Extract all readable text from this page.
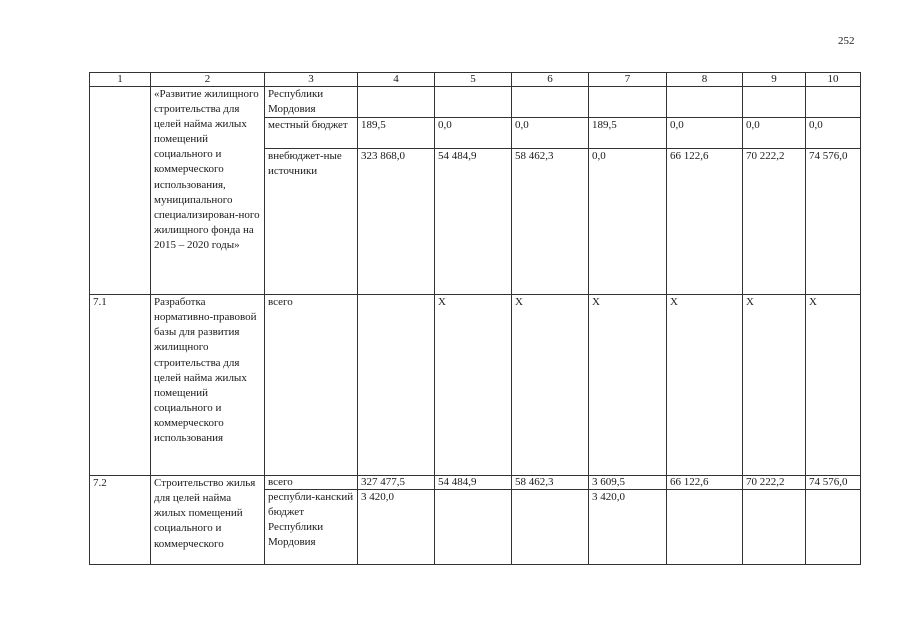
252
1	2	3	4	5	6	7	8	9	10
	«Развитие жилищного строительства для целей найма жилых помещений социального и коммерческого использования, муниципального специализирован-ного жилищного фонда на 2015 – 2020 годы»	Республики Мордовия							
		местный бюджет	189,5	0,0	0,0	189,5	0,0	0,0	0,0
		внебюджет-ные источники	323 868,0	54 484,9	58 462,3	0,0	66 122,6	70 222,2	74 576,0
7.1	Разработка нормативно-правовой базы для развития жилищного строительства для целей найма жилых помещений социального и коммерческого использования	всего		X	X	X	X	X	X
7.2	Строительство жилья для целей найма жилых помещений социального и коммерческого	всего	327 477,5	54 484,9	58 462,3	3 609,5	66 122,6	70 222,2	74 576,0
		республи-канский бюджет Республики Мордовия	3 420,0			3 420,0			
